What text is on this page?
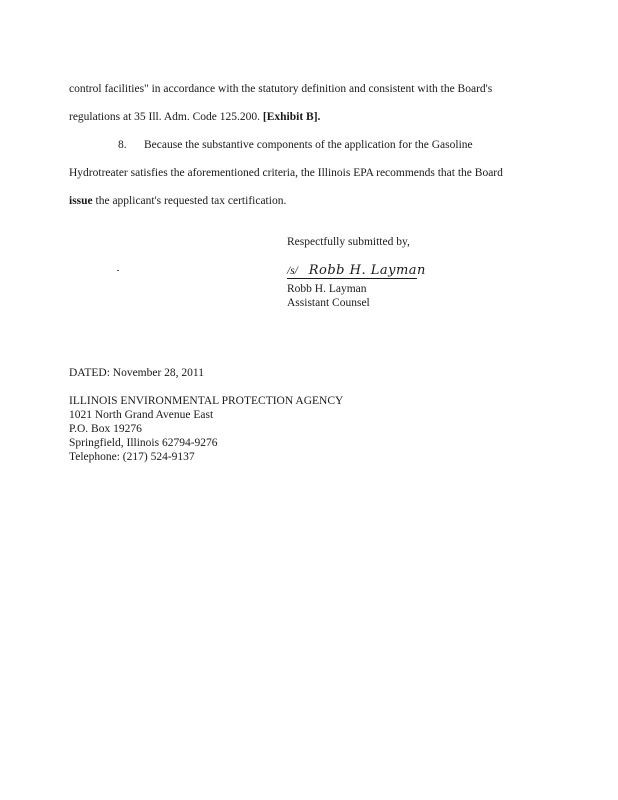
control facilities" in accordance with the statutory definition and consistent with the Board's
regulations at 35 Ill. Adm. Code 125.200. [Exhibit B].
8. Because the substantive components of the application for the Gasoline
Hydrotreater satisfies the aforementioned criteria, the Illinois EPA recommends that the Board
issue the applicant's requested tax certification.
Respectfully submitted by,
/s/ Robb H. Layman
Robb H. Layman
Assistant Counsel
DATED: November 28, 2011
ILLINOIS ENVIRONMENTAL PROTECTION AGENCY
1021 North Grand Avenue East
P.O. Box 19276
Springfield, Illinois 62794-9276
Telephone: (217) 524-9137
